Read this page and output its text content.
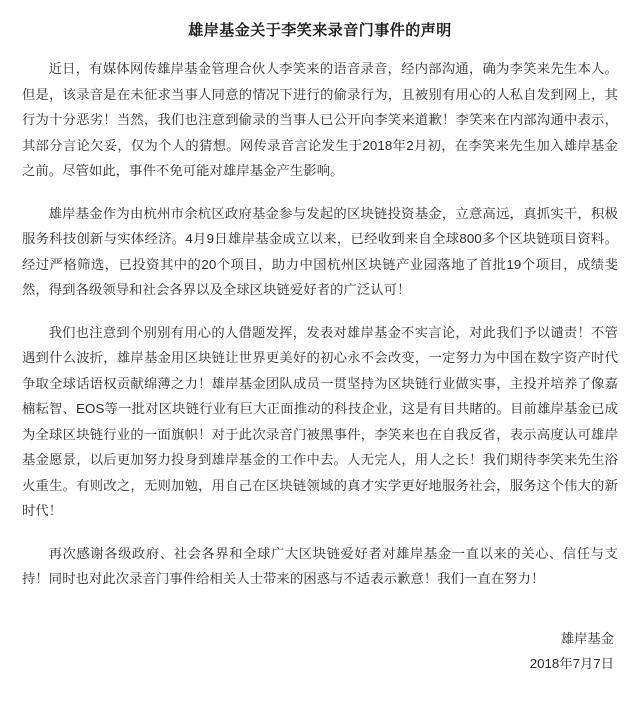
雄岸基金关于李笑来录音门事件的声明

近日，有媒体网传雄岸基金管理合伙人李笑来的语音录音，经内部沟通，确为李笑来先生本人。但是，该录音是在未征求当事人同意的情况下进行的偷录行为，且被别有用心的人私自发到网上，其行为十分恶劣！当然，我们也注意到偷录的当事人已公开向李笑来道歉！李笑来在内部沟通中表示，其部分言论欠妥，仅为个人的猜想。网传录音言论发生于2018年2月初，在李笑来先生加入雄岸基金之前。尽管如此，事件不免可能对雄岸基金产生影响。

雄岸基金作为由杭州市余杭区政府基金参与发起的区块链投资基金，立意高远，真抓实干，积极服务科技创新与实体经济。4月9日雄岸基金成立以来，已经收到来自全球800多个区块链项目资料。经过严格筛选，已投资其中的20个项目，助力中国杭州区块链产业园落地了首批19个项目，成绩斐然，得到各级领导和社会各界以及全球区块链爱好者的广泛认可！

我们也注意到个别别有用心的人借题发挥，发表对雄岸基金不实言论，对此我们予以谴责！不管遇到什么波折，雄岸基金用区块链让世界更美好的初心永不会改变，一定努力为中国在数字资产时代争取全球话语权贡献绵薄之力！雄岸基金团队成员一贯坚持为区块链行业做实事，主投并培养了像嘉楠耘智、EOS等一批对区块链行业有巨大正面推动的科技企业，这是有目共睹的。目前雄岸基金已成为全球区块链行业的一面旗帜！对于此次录音门被黑事件，李笑来也在自我反省，表示高度认可雄岸基金愿景，以后更加努力投身到雄岸基金的工作中去。人无完人，用人之长！我们期待李笑来先生浴火重生。有则改之，无则加勉，用自己在区块链领域的真才实学更好地服务社会，服务这个伟大的新时代！

再次感谢各级政府、社会各界和全球广大区块链爱好者对雄岸基金一直以来的关心、信任与支持！同时也对此次录音门事件给相关人士带来的困惑与不适表示歉意！我们一直在努力！

雄岸基金
2018年7月7日
